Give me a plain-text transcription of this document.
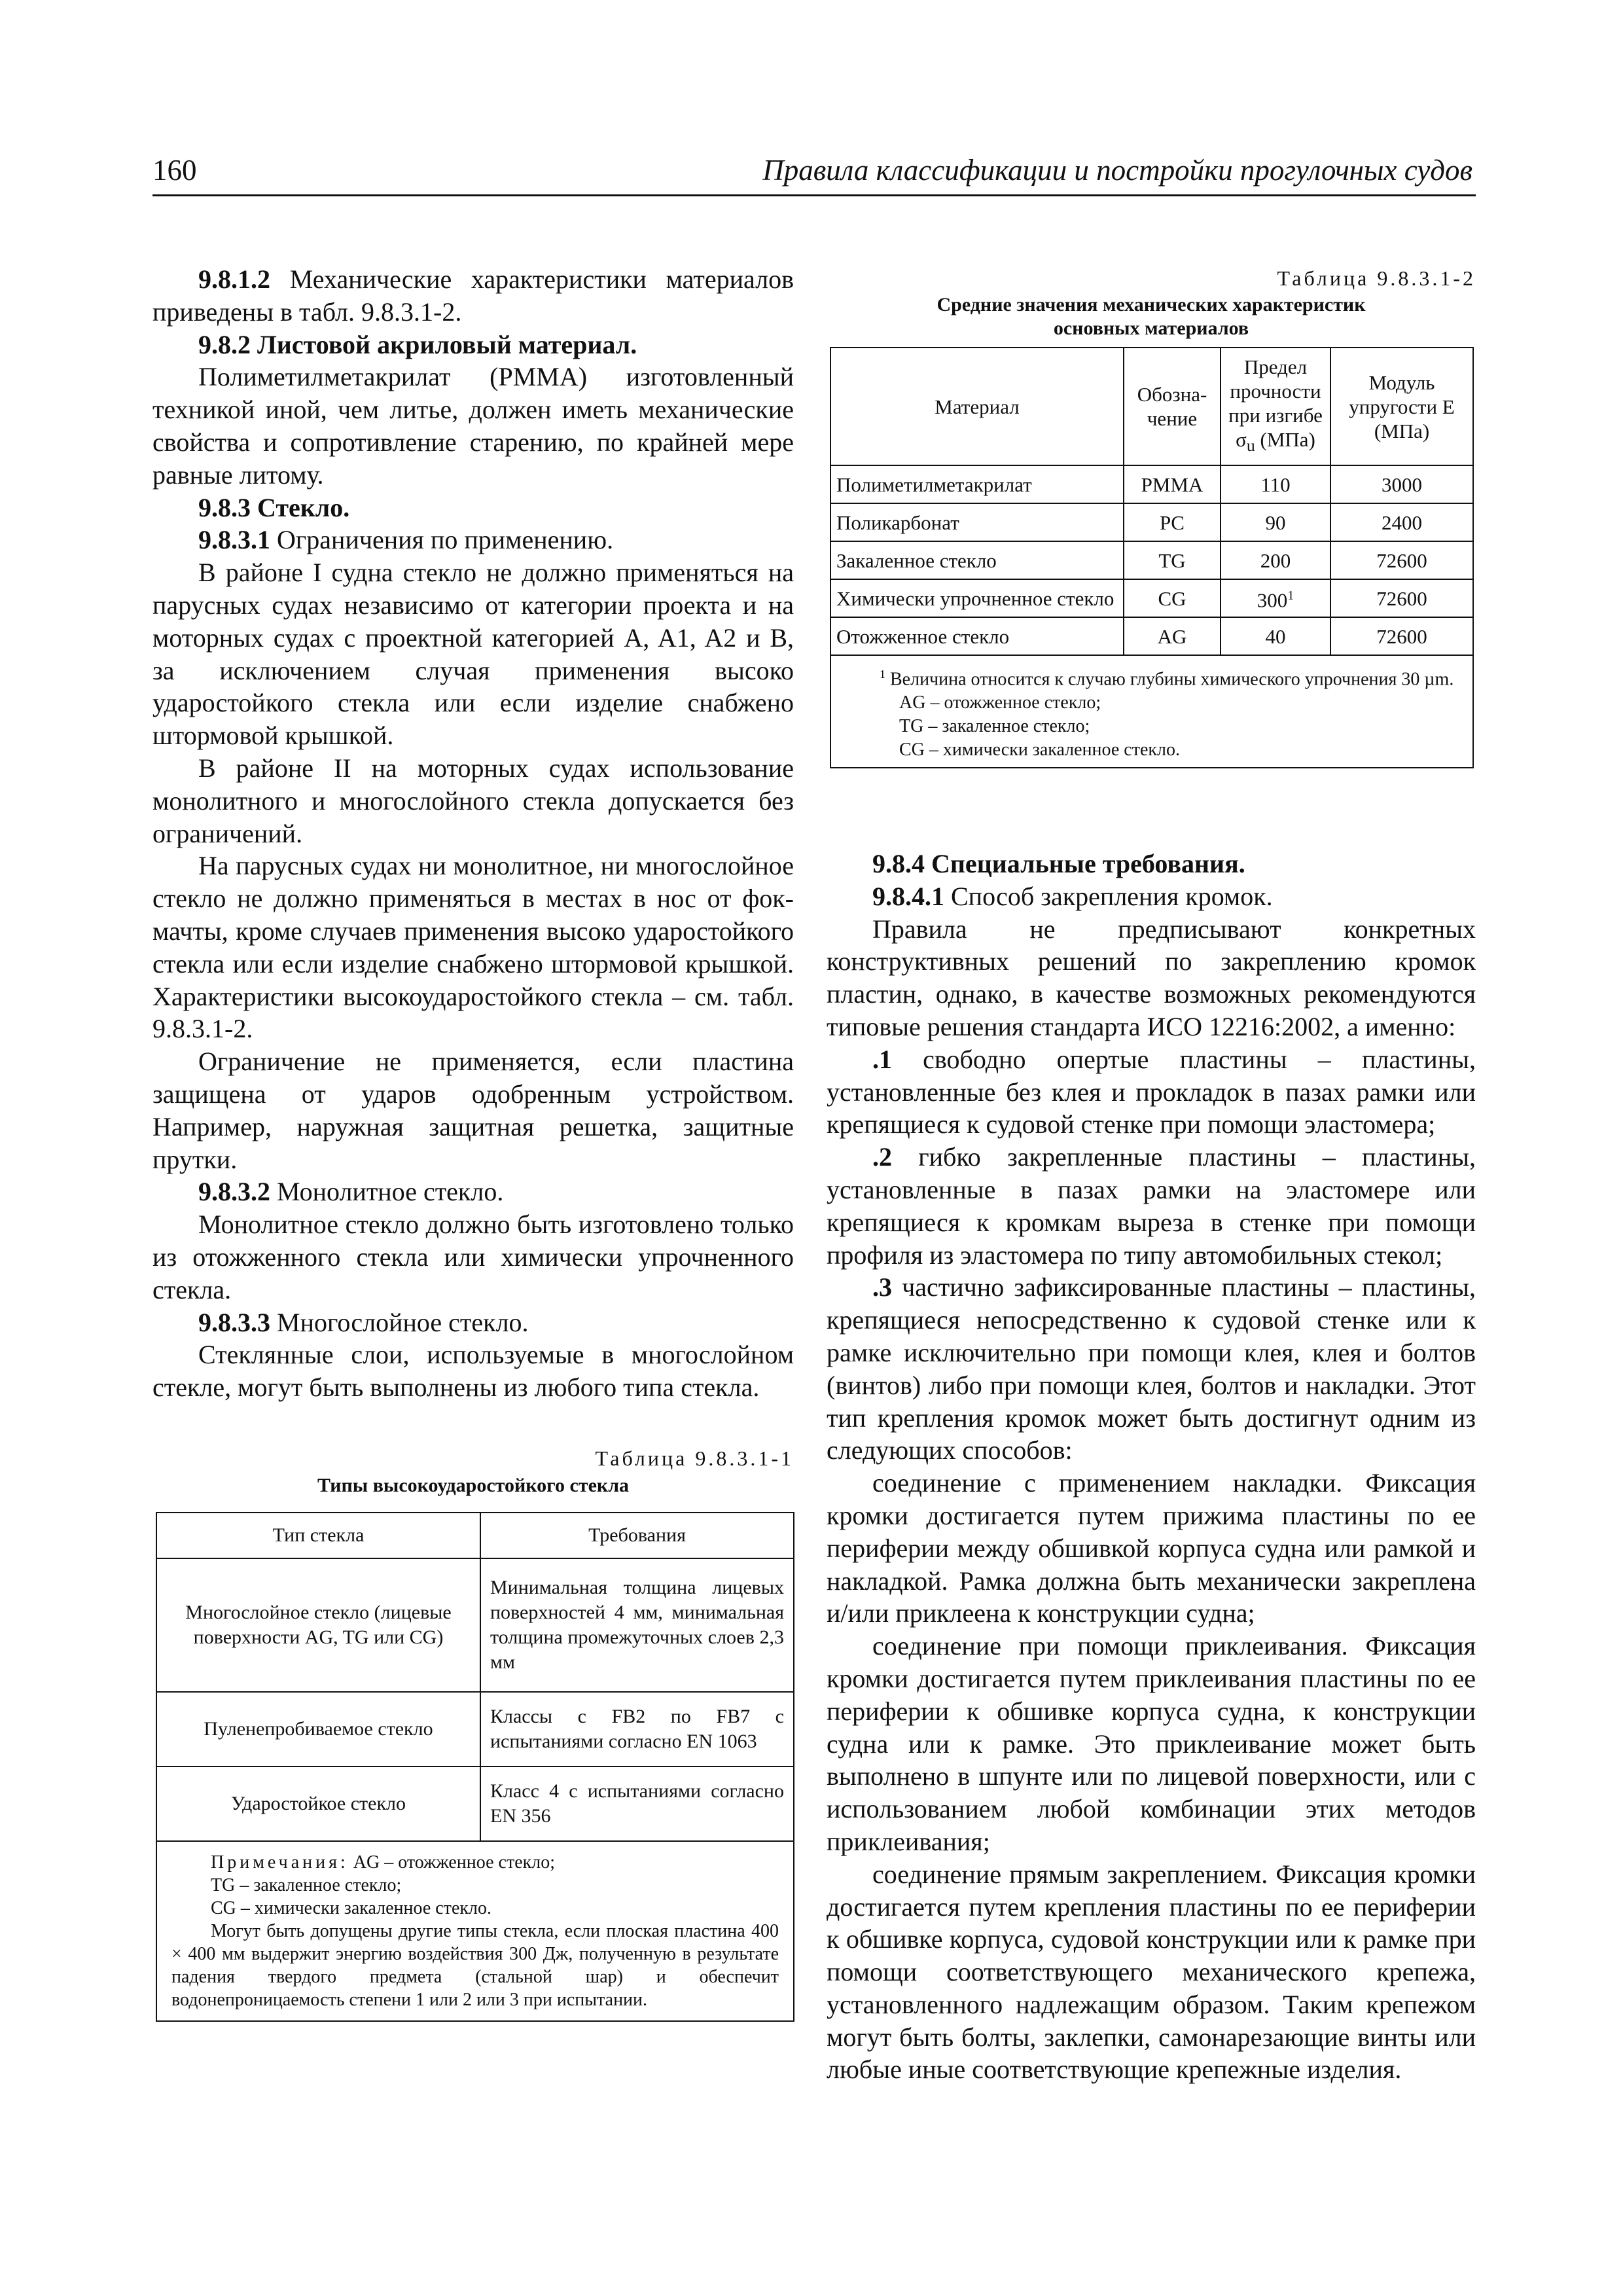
160	Правила классификации и постройки прогулочных судов

9.8.1.2 Механические характеристики материалов приведены в табл. 9.8.3.1-2.

9.8.2 Листовой акриловый материал.

Полиметилметакрилат (PMMA) изготовленный техникой иной, чем литье, должен иметь механические свойства и сопротивление старению, по крайней мере равные литому.

9.8.3 Стекло.

9.8.3.1 Ограничения по применению.

В районе I судна стекло не должно применяться на парусных судах независимо от категории проекта и на моторных судах с проектной категорией A, A1, A2 и B, за исключением случая применения высоко ударостойкого стекла или если изделие снабжено штормовой крышкой.

В районе II на моторных судах использование монолитного и многослойного стекла допускается без ограничений.

На парусных судах ни монолитное, ни многослойное стекло не должно применяться в местах в нос от фок-мачты, кроме случаев применения высоко ударостойкого стекла или если изделие снабжено штормовой крышкой. Характеристики высокоударостойкого стекла – см. табл. 9.8.3.1-2.

Ограничение не применяется, если пластина защищена от ударов одобренным устройством. Например, наружная защитная решетка, защитные прутки.

9.8.3.2 Монолитное стекло.

Монолитное стекло должно быть изготовлено только из отожженного стекла или химически упрочненного стекла.

9.8.3.3 Многослойное стекло.

Стеклянные слои, используемые в многослойном стекле, могут быть выполнены из любого типа стекла.

Таблица 9.8.3.1-2
Средние значения механических характеристик
основных материалов
Материал	Обозна-чение	Предел прочности при изгибе $\sigma_u$ (МПа)	Модуль упругости E (МПа)
Полиметилметакрилат	PMMA	110	3000
Поликарбонат	PC	90	2400
Закаленное стекло	TG	200	72600
Химически упрочненное стекло	CG	$300^1$	72600
Отожженное стекло	AG	40	72600

$^1$ Величина относится к случаю глубины химического упрочнения 30 µm.
AG – отожженное стекло;
TG – закаленное стекло;
CG – химически закаленное стекло.			

9.8.4 Специальные требования.

9.8.4.1 Способ закрепления кромок.

Правила не предписывают конкретных конструктивных решений по закреплению кромок пластин, однако, в качестве возможных рекомендуются типовые решения стандарта ИСО 12216:2002, а именно:

.1 свободно опертые пластины – пластины, установленные без клея и прокладок в пазах рамки или крепящиеся к судовой стенке при помощи эластомера;

.2 гибко закрепленные пластины – пластины, установленные в пазах рамки на эластомере или крепящиеся к кромкам выреза в стенке при помощи профиля из эластомера по типу автомобильных стекол;

.3 частично зафиксированные пластины – пластины, крепящиеся непосредственно к судовой стенке или к рамке исключительно при помощи клея, клея и болтов (винтов) либо при помощи клея, болтов и накладки. Этот тип крепления кромок может быть достигнут одним из следующих способов:

соединение с применением накладки. Фиксация кромки достигается путем прижима пластины по ее периферии между обшивкой корпуса судна или рамкой и накладкой. Рамка должна быть механически закреплена и/или приклеена к конструкции судна;

соединение при помощи приклеивания. Фиксация кромки достигается путем приклеивания пластины по ее периферии к обшивке корпуса судна, к конструкции судна или к рамке. Это приклеивание может быть выполнено в шпунте или по лицевой поверхности, или с использованием любой комбинации этих методов приклеивания;

соединение прямым закреплением. Фиксация кромки достигается путем крепления пластины по ее периферии к обшивке корпуса, судовой конструкции или к рамке при помощи соответствующего механического крепежа, установленного надлежащим образом. Таким крепежом могут быть болты, заклепки, самонарезающие винты или любые иные соответствующие крепежные изделия.

Таблица 9.8.3.1-1
Типы высокоударостойкого стекла
Тип стекла	Требования
Многослойное стекло (лицевые поверхности AG, TG или CG)	Минимальная толщина лицевых поверхностей 4 мм, минимальная толщина промежуточных слоев 2,3 мм
Пуленепробиваемое стекло	Классы с FB2 по FB7 с испытаниями согласно EN 1063
Ударостойкое стекло	Класс 4 с испытаниями согласно EN 356

Примечания: AG – отожженное стекло;
TG – закаленное стекло;
CG – химически закаленное стекло.
Могут быть допущены другие типы стекла, если плоская пластина 400 × 400 мм выдержит энергию воздействия 300 Дж, полученную в результате падения твердого предмета (стальной шар) и обеспечит водонепроницаемость степени 1 или 2 или 3 при испытании.	
